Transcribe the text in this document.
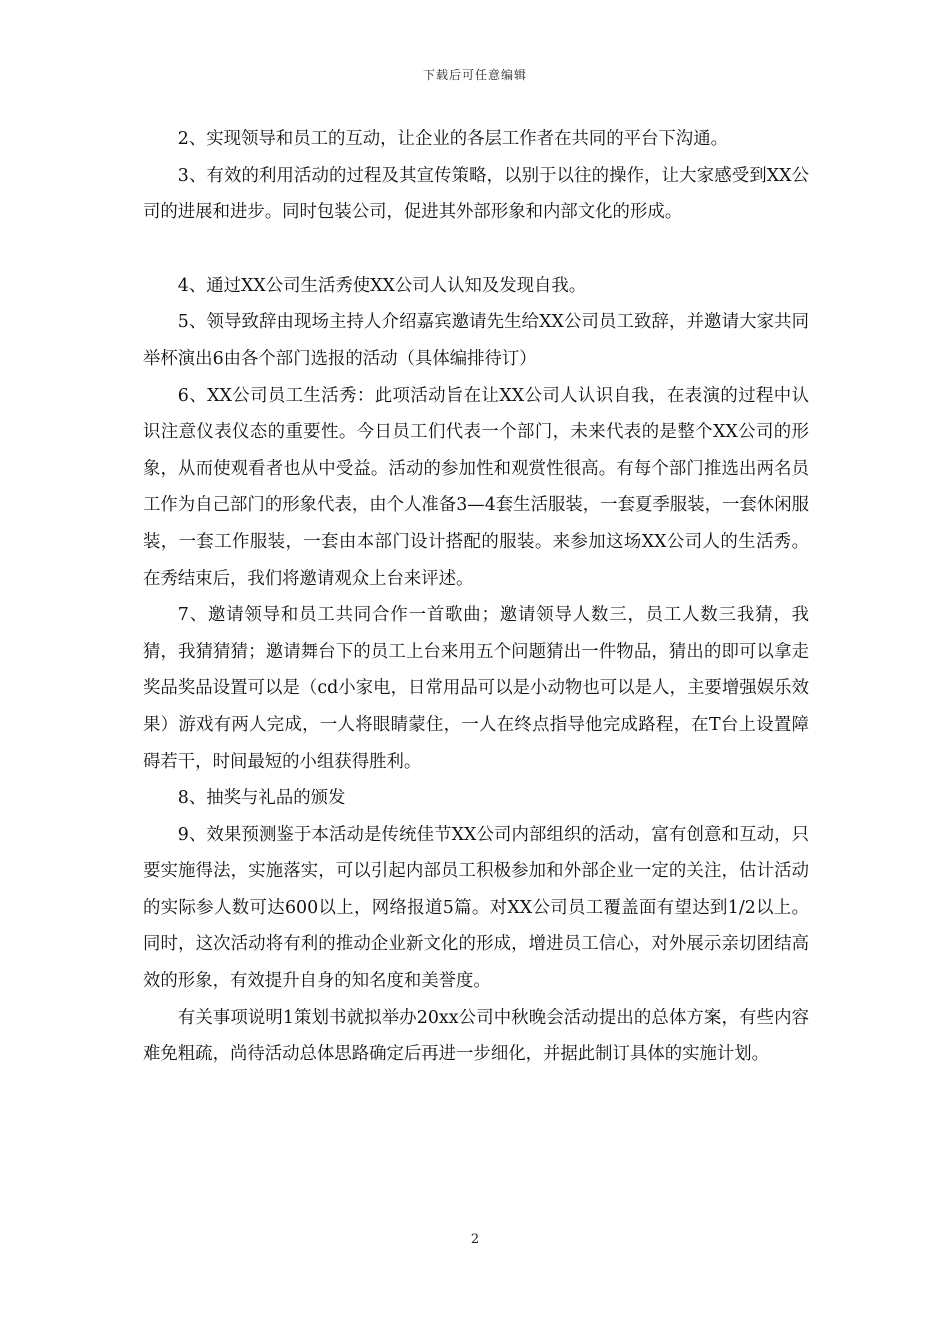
下载后可任意编辑

2、实现领导和员工的互动，让企业的各层工作者在共同的平台下沟通。

3、有效的利用活动的过程及其宣传策略，以别于以往的操作，让大家感受到XX公司的进展和进步。同时包装公司，促进其外部形象和内部文化的形成。

4、通过XX公司生活秀使XX公司人认知及发现自我。

5、领导致辞由现场主持人介绍嘉宾邀请先生给XX公司员工致辞，并邀请大家共同举杯演出6由各个部门选报的活动（具体编排待订）

6、XX公司员工生活秀：此项活动旨在让XX公司人认识自我，在表演的过程中认识注意仪表仪态的重要性。今日员工们代表一个部门，未来代表的是整个XX公司的形象，从而使观看者也从中受益。活动的参加性和观赏性很高。有每个部门推选出两名员工作为自己部门的形象代表，由个人准备3—4套生活服装，一套夏季服装，一套休闲服装，一套工作服装，一套由本部门设计搭配的服装。来参加这场XX公司人的生活秀。在秀结束后，我们将邀请观众上台来评述。

7、邀请领导和员工共同合作一首歌曲；邀请领导人数三，员工人数三我猜，我猜，我猜猜猜；邀请舞台下的员工上台来用五个问题猜出一件物品，猜出的即可以拿走奖品奖品设置可以是（cd小家电，日常用品可以是小动物也可以是人，主要增强娱乐效果）游戏有两人完成，一人将眼睛蒙住，一人在终点指导他完成路程，在T台上设置障碍若干，时间最短的小组获得胜利。

8、抽奖与礼品的颁发

9、效果预测鉴于本活动是传统佳节XX公司内部组织的活动，富有创意和互动，只要实施得法，实施落实，可以引起内部员工积极参加和外部企业一定的关注，估计活动的实际参人数可达600以上，网络报道5篇。对XX公司员工覆盖面有望达到1/2以上。同时，这次活动将有利的推动企业新文化的形成，增进员工信心，对外展示亲切团结高效的形象，有效提升自身的知名度和美誉度。

有关事项说明1策划书就拟举办20xx公司中秋晚会活动提出的总体方案，有些内容难免粗疏，尚待活动总体思路确定后再进一步细化，并据此制订具体的实施计划。

2
